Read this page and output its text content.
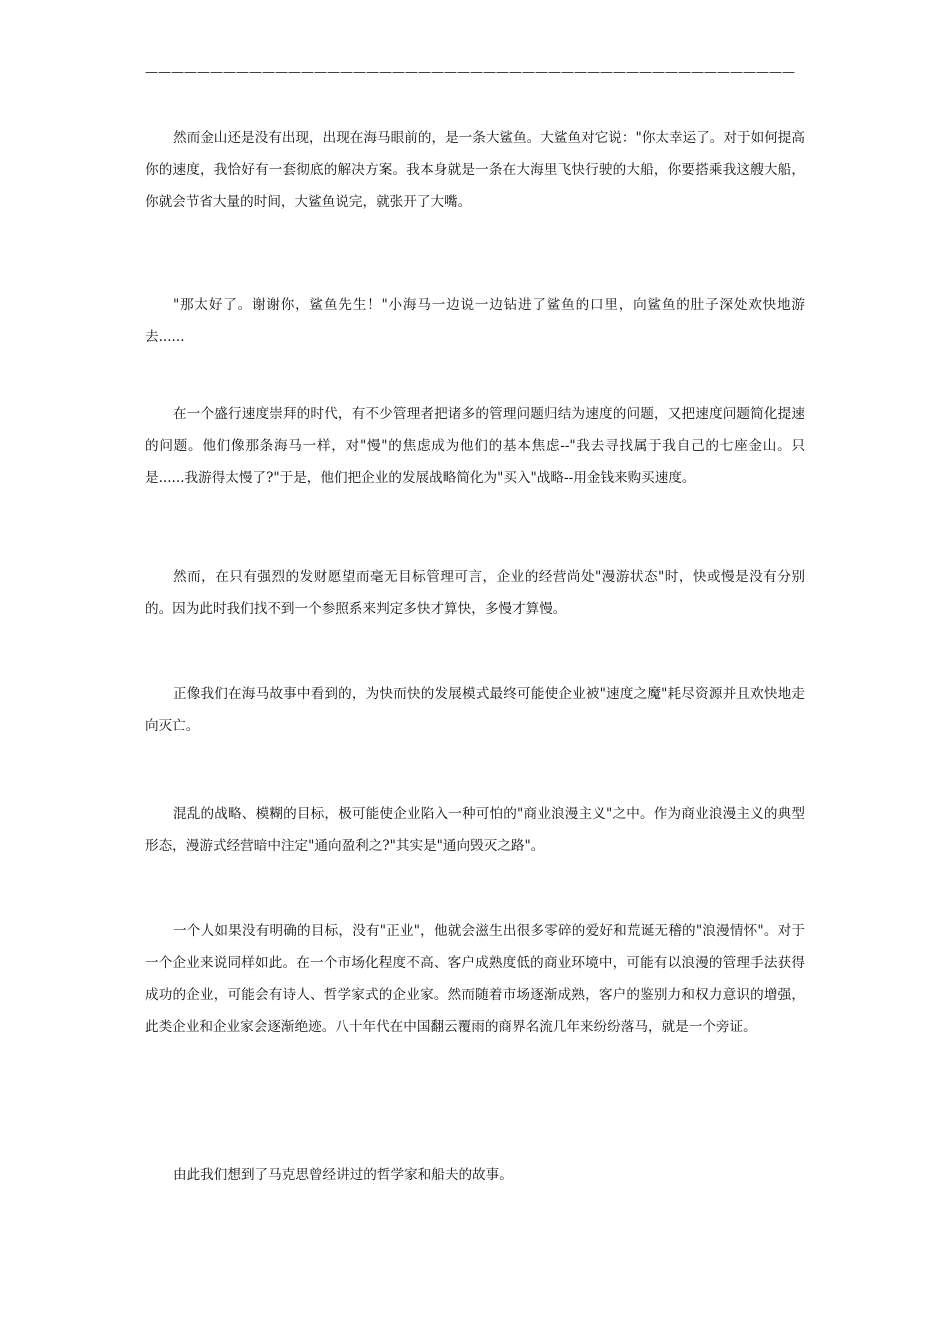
——————————————————————————————————————————————————

然而金山还是没有出现，出现在海马眼前的，是一条大鲨鱼。大鲨鱼对它说："你太幸运了。对于如何提高你的速度，我恰好有一套彻底的解决方案。我本身就是一条在大海里飞快行驶的大船，你要搭乘我这艘大船，你就会节省大量的时间，大鲨鱼说完，就张开了大嘴。

"那太好了。谢谢你，鲨鱼先生！"小海马一边说一边钻进了鲨鱼的口里，向鲨鱼的肚子深处欢快地游去......

在一个盛行速度崇拜的时代，有不少管理者把诸多的管理问题归结为速度的问题，又把速度问题简化提速的问题。他们像那条海马一样，对"慢"的焦虑成为他们的基本焦虑--"我去寻找属于我自己的七座金山。只是......我游得太慢了?"于是，他们把企业的发展战略简化为"买入"战略--用金钱来购买速度。

然而，在只有强烈的发财愿望而毫无目标管理可言，企业的经营尚处"漫游状态"时，快或慢是没有分别的。因为此时我们找不到一个参照系来判定多快才算快，多慢才算慢。

正像我们在海马故事中看到的，为快而快的发展模式最终可能使企业被"速度之魔"耗尽资源并且欢快地走向灭亡。

混乱的战略、模糊的目标，极可能使企业陷入一种可怕的"商业浪漫主义"之中。作为商业浪漫主义的典型形态，漫游式经营暗中注定"通向盈利之?"其实是"通向毁灭之路"。

一个人如果没有明确的目标，没有"正业"，他就会滋生出很多零碎的爱好和荒诞无稽的"浪漫情怀"。对于一个企业来说同样如此。在一个市场化程度不高、客户成熟度低的商业环境中，可能有以浪漫的管理手法获得成功的企业，可能会有诗人、哲学家式的企业家。然而随着市场逐渐成熟，客户的鉴别力和权力意识的增强，此类企业和企业家会逐渐绝迹。八十年代在中国翻云覆雨的商界名流几年来纷纷落马，就是一个旁证。

由此我们想到了马克思曾经讲过的哲学家和船夫的故事。
